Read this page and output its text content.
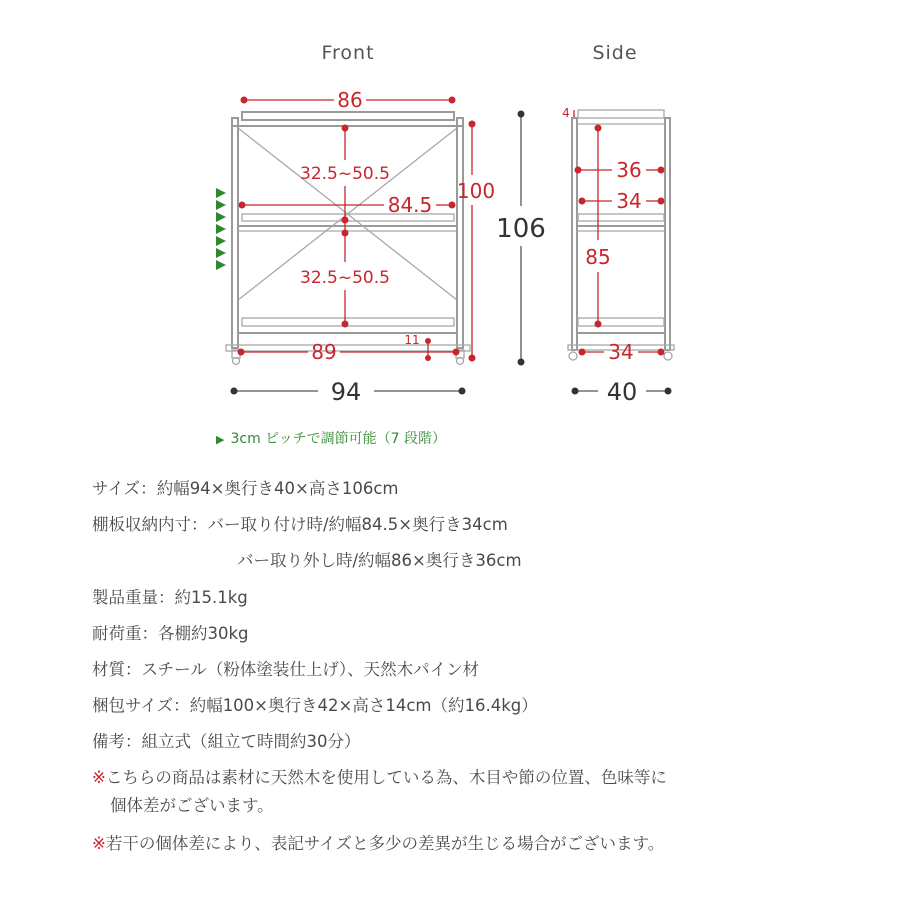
Front
86
32.5~50.5
32.5~50.5
84.5
100
89	11
94
106
Side
4
36
34
85
34
40
▶ 3cm ピッチで調節可能（7 段階）
サイズ：約幅94×奥行き40×高さ106cm
棚板収納内寸：バー取り付け時/約幅84.5×奥行き34cm
バー取り外し時/約幅86×奥行き36cm
製品重量：約15.1kg
耐荷重：各棚約30kg
材質：スチール（粉体塗装仕上げ）、天然木パイン材
梱包サイズ：約幅100×奥行き42×高さ14cm（約16.4kg）
備考：組立式（組立て時間約30分）
※こちらの商品は素材に天然木を使用している為、木目や節の位置、色味等に
個体差がございます。
※若干の個体差により、表記サイズと多少の差異が生じる場合がございます。
